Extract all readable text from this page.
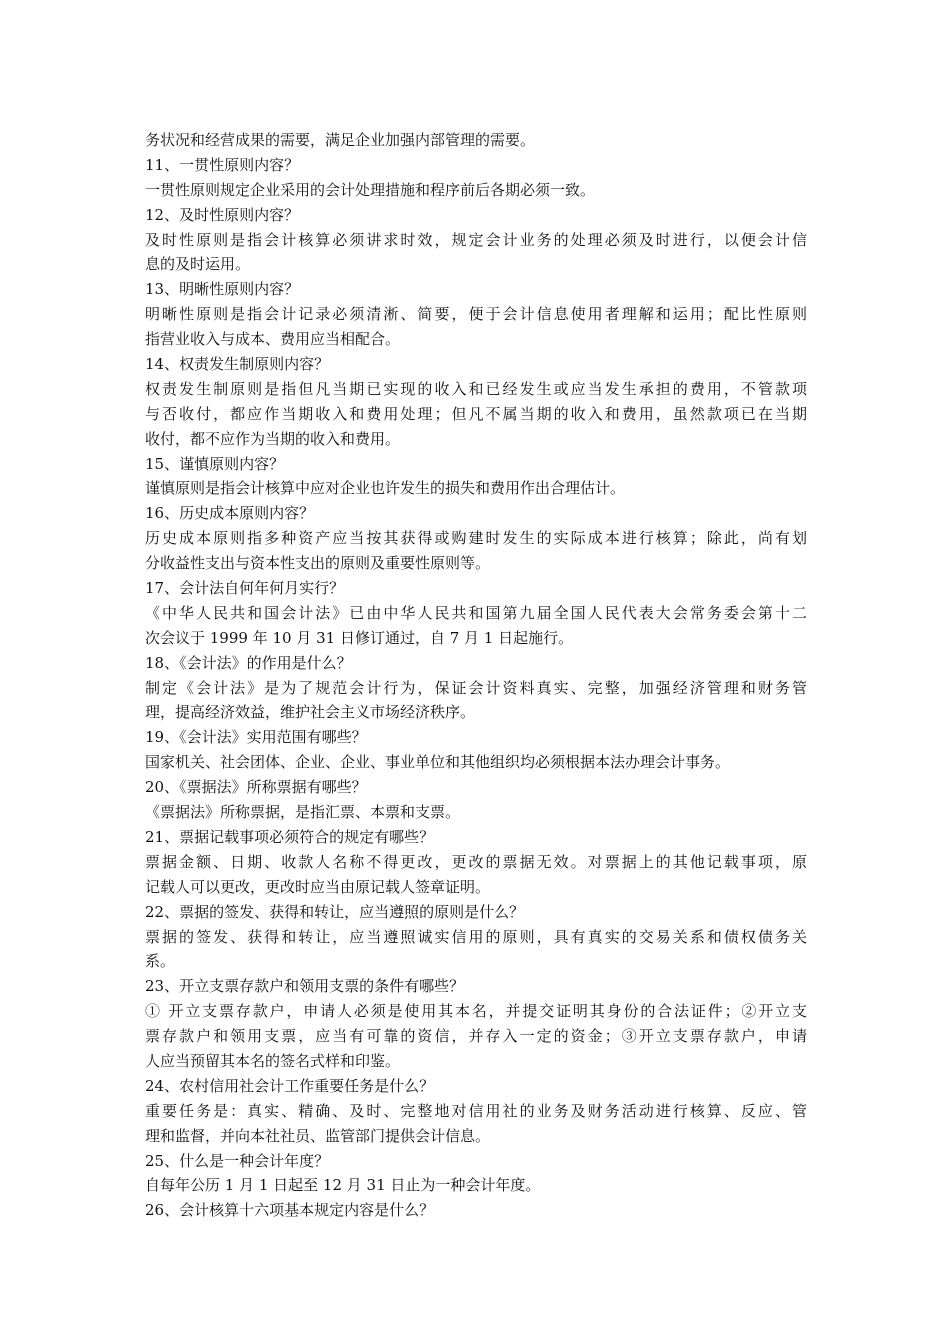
务状况和经营成果的需要，满足企业加强内部管理的需要。
11、一贯性原则内容？
一贯性原则规定企业采用的会计处理措施和程序前后各期必须一致。
12、及时性原则内容？
及时性原则是指会计核算必须讲求时效，规定会计业务的处理必须及时进行，以便会计信
息的及时运用。
13、明晰性原则内容？
明晰性原则是指会计记录必须清淅、简要，便于会计信息使用者理解和运用；配比性原则
指营业收入与成本、费用应当相配合。
14、权责发生制原则内容？
权责发生制原则是指但凡当期已实现的收入和已经发生或应当发生承担的费用，不管款项
与否收付，都应作当期收入和费用处理；但凡不属当期的收入和费用，虽然款项已在当期
收付，都不应作为当期的收入和费用。
15、谨慎原则内容？
谨慎原则是指会计核算中应对企业也许发生的损失和费用作出合理估计。
16、历史成本原则内容？
历史成本原则指多种资产应当按其获得或购建时发生的实际成本进行核算；除此，尚有划
分收益性支出与资本性支出的原则及重要性原则等。
17、会计法自何年何月实行？
《中华人民共和国会计法》已由中华人民共和国第九届全国人民代表大会常务委会第十二
次会议于 1999 年 10 月 31 日修订通过，自 7 月 1 日起施行。
18、《会计法》的作用是什么？
制定《会计法》是为了规范会计行为，保证会计资料真实、完整，加强经济管理和财务管
理，提高经济效益，维护社会主义市场经济秩序。
19、《会计法》实用范围有哪些？
国家机关、社会团体、企业、企业、事业单位和其他组织均必须根据本法办理会计事务。
20、《票据法》所称票据有哪些？
《票据法》所称票据，是指汇票、本票和支票。
21、票据记载事项必须符合的规定有哪些？
票据金额、日期、收款人名称不得更改，更改的票据无效。对票据上的其他记载事项，原
记载人可以更改，更改时应当由原记载人签章证明。
22、票据的签发、获得和转让，应当遵照的原则是什么？
票据的签发、获得和转让，应当遵照诚实信用的原则，具有真实的交易关系和债权债务关
系。
23、开立支票存款户和领用支票的条件有哪些？
① 开立支票存款户，申请人必须是使用其本名，并提交证明其身份的合法证件；②开立支
票存款户和领用支票，应当有可靠的资信，并存入一定的资金；③开立支票存款户，申请
人应当预留其本名的签名式样和印鉴。
24、农村信用社会计工作重要任务是什么？
重要任务是：真实、精确、及时、完整地对信用社的业务及财务活动进行核算、反应、管
理和监督，并向本社社员、监管部门提供会计信息。
25、什么是一种会计年度？
自每年公历 1 月 1 日起至 12 月 31 日止为一种会计年度。
26、会计核算十六项基本规定内容是什么？
